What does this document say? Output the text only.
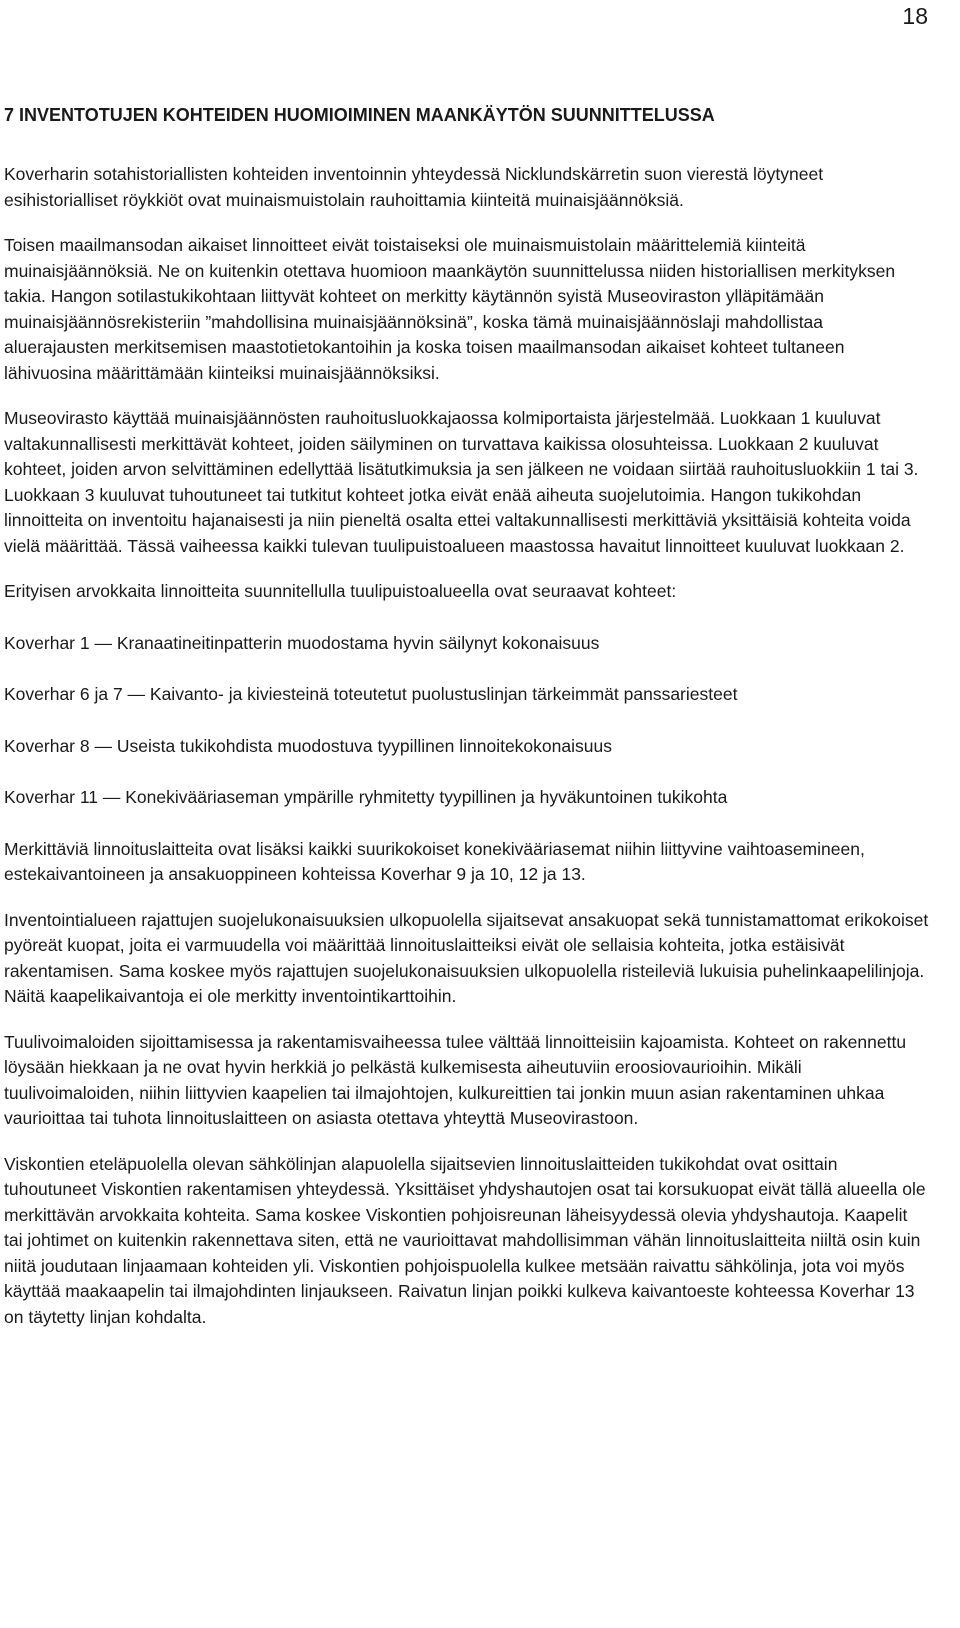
18
7 INVENTOTUJEN KOHTEIDEN HUOMIOIMINEN MAANKÄYTÖN SUUNNITTELUSSA

Koverharin sotahistoriallisten kohteiden inventoinnin yhteydessä Nicklundskärretin suon vierestä löytyneet esihistorialliset röykkiöt ovat muinaismuistolain rauhoittamia kiinteitä muinaisjäännöksiä.

Toisen maailmansodan aikaiset linnoitteet eivät toistaiseksi ole muinaismuistolain määrittelemiä kiinteitä muinaisjäännöksiä. Ne on kuitenkin otettava huomioon maankäytön suunnittelussa niiden historiallisen merkityksen takia. Hangon sotilastukikohtaan liittyvät kohteet on merkitty käytännön syistä Museoviraston ylläpitämään muinaisjäännösrekisteriin ”mahdollisina muinaisjäännöksinä”, koska tämä muinaisjäännöslaji mahdollistaa aluerajausten merkitsemisen maastotietokantoihin ja koska toisen maailmansodan aikaiset kohteet tultaneen lähivuosina määrittämään kiinteiksi muinaisjäännöksiksi.

Museovirasto käyttää muinaisjäännösten rauhoitusluokkajaossa kolmiportaista järjestelmää. Luokkaan 1 kuuluvat valtakunnallisesti merkittävät kohteet, joiden säilyminen on turvattava kaikissa olosuhteissa. Luokkaan 2 kuuluvat kohteet, joiden arvon selvittäminen edellyttää lisätutkimuksia ja sen jälkeen ne voidaan siirtää rauhoitusluokkiin 1 tai 3. Luokkaan 3 kuuluvat tuhoutuneet tai tutkitut kohteet jotka eivät enää aiheuta suojelutoimia. Hangon tukikohdan linnoitteita on inventoitu hajanaisesti ja niin pieneltä osalta ettei valtakunnallisesti merkittäviä yksittäisiä kohteita voida vielä määrittää. Tässä vaiheessa kaikki tulevan tuulipuistoalueen maastossa havaitut linnoitteet kuuluvat luokkaan 2.

Erityisen arvokkaita linnoitteita suunnitellulla tuulipuistoalueella ovat seuraavat kohteet:

Koverhar 1 — Kranaatineitinpatterin muodostama hyvin säilynyt kokonaisuus

Koverhar 6 ja 7 — Kaivanto- ja kiviesteinä toteutetut puolustuslinjan tärkeimmät panssariesteet

Koverhar 8 — Useista tukikohdista muodostuva tyypillinen linnoitekokonaisuus

Koverhar 11 — Konekivääriaseman ympärille ryhmitetty tyypillinen ja hyväkuntoinen tukikohta

Merkittäviä linnoituslaitteita ovat lisäksi kaikki suurikokoiset konekivääriasemat niihin liittyvine vaihtoasemineen, estekaivantoineen ja ansakuoppineen kohteissa Koverhar 9 ja 10, 12 ja 13.

Inventointialueen rajattujen suojelukonaisuuksien ulkopuolella sijaitsevat ansakuopat sekä tunnistamattomat erikokoiset pyöreät kuopat, joita ei varmuudella voi määrittää linnoituslaitteiksi eivät ole sellaisia kohteita, jotka estäisivät rakentamisen. Sama koskee myös rajattujen suojelukonaisuuksien ulkopuolella risteileviä lukuisia puhelinkaapelilinjoja. Näitä kaapelikaivantoja ei ole merkitty inventointikarttoihin.

Tuulivoimaloiden sijoittamisessa ja rakentamisvaiheessa tulee välttää linnoitteisiin kajoamista. Kohteet on rakennettu löysään hiekkaan ja ne ovat hyvin herkkiä jo pelkästä kulkemisesta aiheutuviin eroosiovaurioihin. Mikäli tuulivoimaloiden, niihin liittyvien kaapelien tai ilmajohtojen, kulkureittien tai jonkin muun asian rakentaminen uhkaa vaurioittaa tai tuhota linnoituslaitteen on asiasta otettava yhteyttä Museovirastoon.

Viskontien eteläpuolella olevan sähkölinjan alapuolella sijaitsevien linnoituslaitteiden tukikohdat ovat osittain tuhoutuneet Viskontien rakentamisen yhteydessä. Yksittäiset yhdyshautojen osat tai korsukuopat eivät tällä alueella ole merkittävän arvokkaita kohteita. Sama koskee Viskontien pohjoisreunan läheisyydessä olevia yhdyshautoja. Kaapelit tai johtimet on kuitenkin rakennettava siten, että ne vaurioittavat mahdollisimman vähän linnoituslaitteita niiltä osin kuin niitä joudutaan linjaamaan kohteiden yli. Viskontien pohjoispuolella kulkee metsään raivattu sähkölinja, jota voi myös käyttää maakaapelin tai ilmajohdinten linjaukseen. Raivatun linjan poikki kulkeva kaivantoeste kohteessa Koverhar 13 on täytetty linjan kohdalta.
